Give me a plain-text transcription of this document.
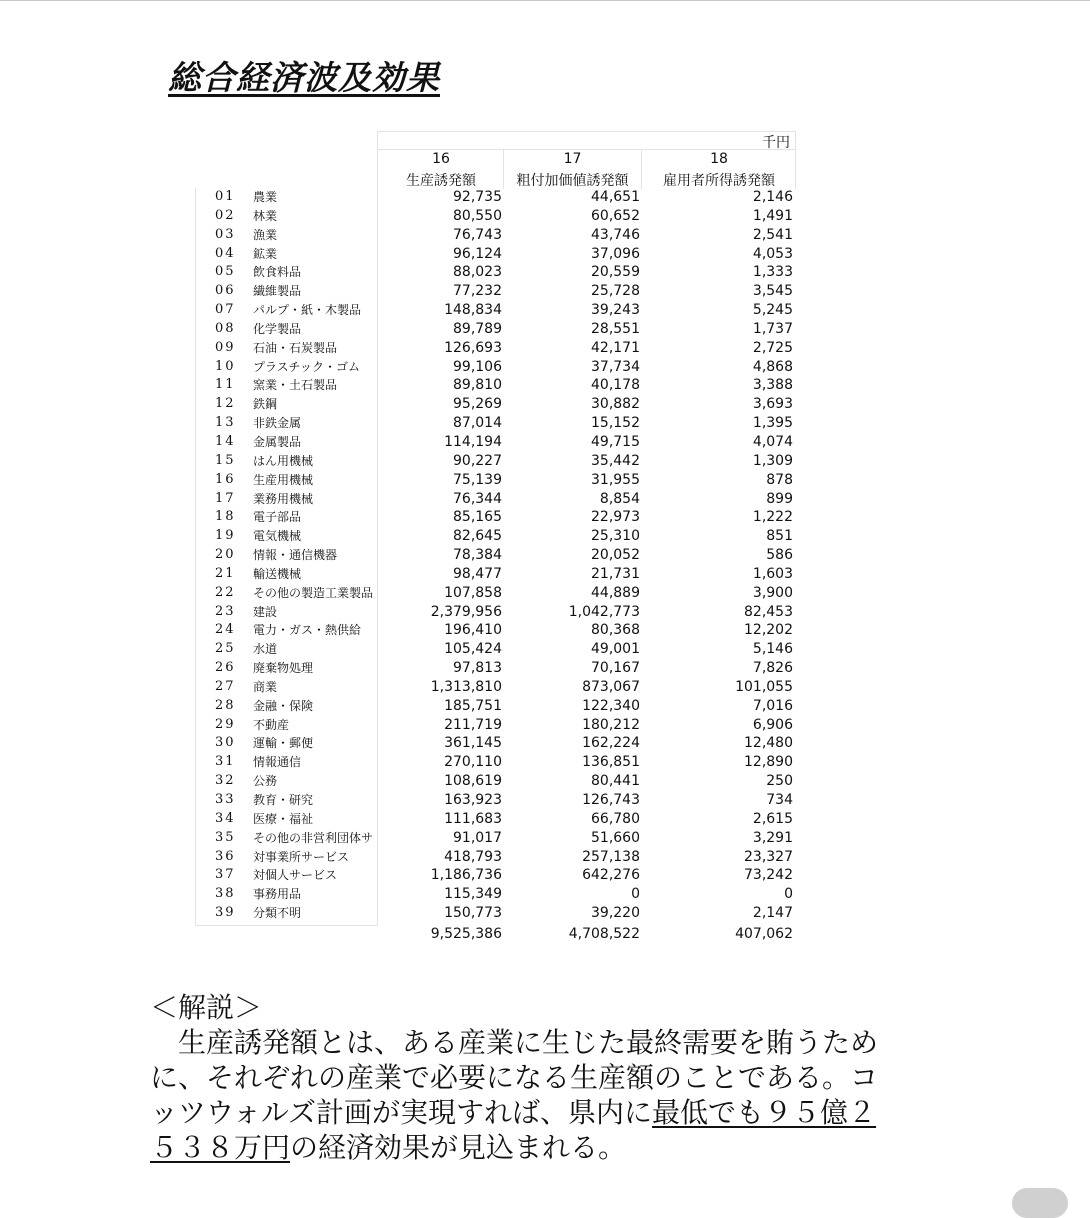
総合経済波及効果
千円
16	17	18
生産誘発額	粗付加価値誘発額	雇用者所得誘発額
01	農業	92,735	44,651	2,146
02	林業	80,550	60,652	1,491
03	漁業	76,743	43,746	2,541
04	鉱業	96,124	37,096	4,053
05	飲食料品	88,023	20,559	1,333
06	繊維製品	77,232	25,728	3,545
07	パルプ・紙・木製品	148,834	39,243	5,245
08	化学製品	89,789	28,551	1,737
09	石油・石炭製品	126,693	42,171	2,725
10	プラスチック・ゴム	99,106	37,734	4,868
11	窯業・土石製品	89,810	40,178	3,388
12	鉄鋼	95,269	30,882	3,693
13	非鉄金属	87,014	15,152	1,395
14	金属製品	114,194	49,715	4,074
15	はん用機械	90,227	35,442	1,309
16	生産用機械	75,139	31,955	878
17	業務用機械	76,344	8,854	899
18	電子部品	85,165	22,973	1,222
19	電気機械	82,645	25,310	851
20	情報・通信機器	78,384	20,052	586
21	輸送機械	98,477	21,731	1,603
22	その他の製造工業製品	107,858	44,889	3,900
23	建設	2,379,956	1,042,773	82,453
24	電力・ガス・熱供給	196,410	80,368	12,202
25	水道	105,424	49,001	5,146
26	廃棄物処理	97,813	70,167	7,826
27	商業	1,313,810	873,067	101,055
28	金融・保険	185,751	122,340	7,016
29	不動産	211,719	180,212	6,906
30	運輸・郵便	361,145	162,224	12,480
31	情報通信	270,110	136,851	12,890
32	公務	108,619	80,441	250
33	教育・研究	163,923	126,743	734
34	医療・福祉	111,683	66,780	2,615
35	その他の非営利団体サ	91,017	51,660	3,291
36	対事業所サービス	418,793	257,138	23,327
37	対個人サービス	1,186,736	642,276	73,242
38	事務用品	115,349	0	0
39	分類不明	150,773	39,220	2,147
9,525,386	4,708,522	407,062

＜解説＞

　生産誘発額とは、ある産業に生じた最終需要を賄うため

に、それぞれの産業で必要になる生産額のことである。コ

ッツウォルズ計画が実現すれば、県内に最低でも９５億２

５３８万円の経済効果が見込まれる。
